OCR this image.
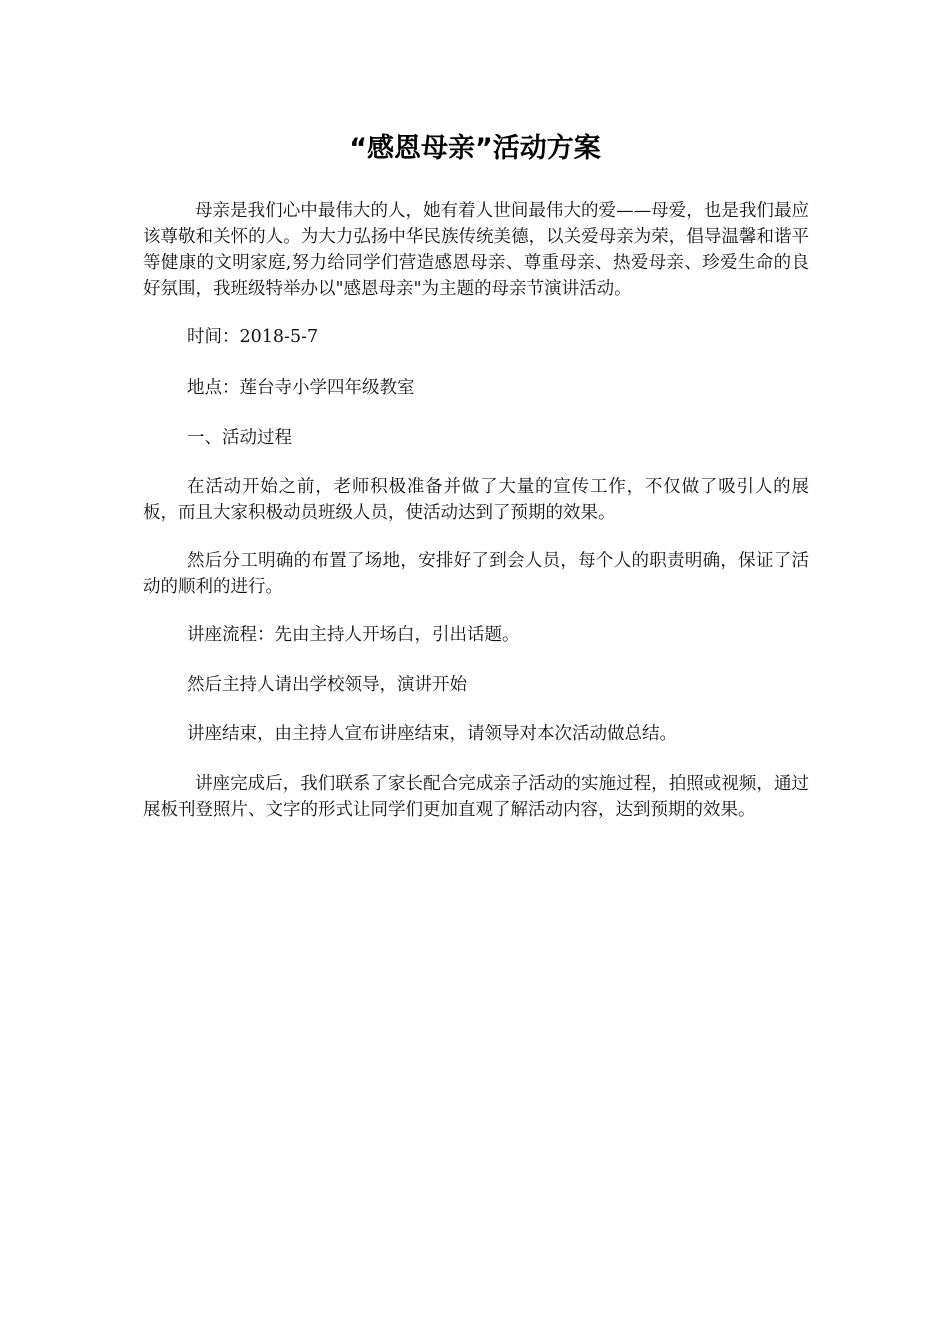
“感恩母亲”活动方案
母亲是我们心中最伟大的人，她有着人世间最伟大的爱——母爱，也是我们最应该尊敬和关怀的人。为大力弘扬中华民族传统美德，以关爱母亲为荣，倡导温馨和谐平等健康的文明家庭,努力给同学们营造感恩母亲、尊重母亲、热爱母亲、珍爱生命的良好氛围，我班级特举办以"感恩母亲"为主题的母亲节演讲活动。
时间：2018-5-7
地点：莲台寺小学四年级教室
一、活动过程
在活动开始之前，老师积极准备并做了大量的宣传工作，不仅做了吸引人的展板，而且大家积极动员班级人员，使活动达到了预期的效果。
然后分工明确的布置了场地，安排好了到会人员，每个人的职责明确，保证了活动的顺利的进行。
讲座流程：先由主持人开场白，引出话题。
然后主持人请出学校领导，演讲开始
讲座结束，由主持人宣布讲座结束，请领导对本次活动做总结。
讲座完成后，我们联系了家长配合完成亲子活动的实施过程，拍照或视频，通过展板刊登照片、文字的形式让同学们更加直观了解活动内容，达到预期的效果。
